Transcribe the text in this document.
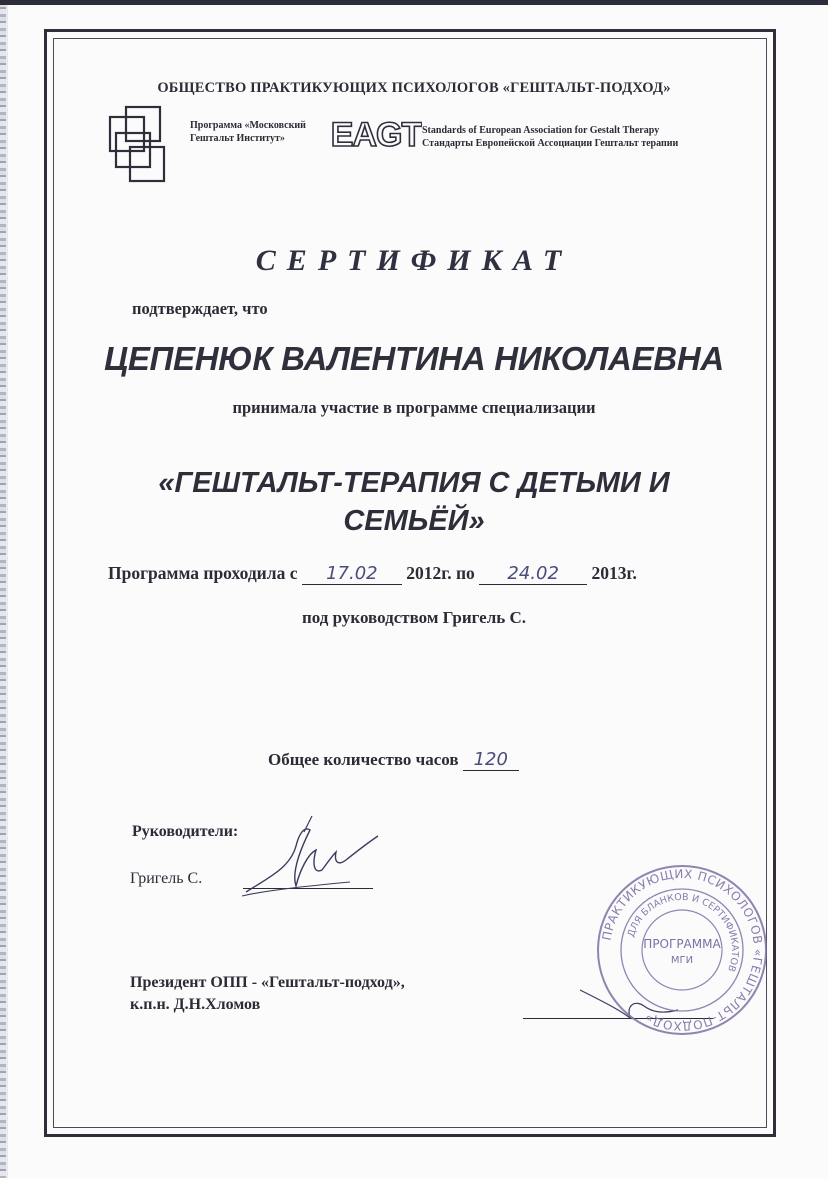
ОБЩЕСТВО ПРАКТИКУЮЩИХ ПСИХОЛОГОВ «ГЕШТАЛЬТ-ПОДХОД»
Программа «Московский
Гештальт Институт»	EAGT Standards of European Association for Gestalt Therapy
Стандарты Европейской Ассоциации Гештальт терапии
СЕРТИФИКАТ
подтверждает, что
ЦЕПЕНЮК ВАЛЕНТИНА НИКОЛАЕВНА
принимала участие в программе специализации
«ГЕШТАЛЬТ-ТЕРАПИЯ С ДЕТЬМИ И СЕМЬЁЙ»
Программа проходила с 17.02 2012г. по 24.02 2013г.
под руководством Григель С.
Общее количество часов 120
Руководители:
Григель С.
Президент ОПП - «Гештальт-подход»,
к.п.н. Д.Н.Хломов
ПРАКТИКУЮЩИХ ПСИХОЛОГОВ «ГЕШТАЛЬТ-ПОДХОД»
ДЛЯ БЛАНКОВ И СЕРТИФИКАТОВ
ПРОГРАММА
МГИ
